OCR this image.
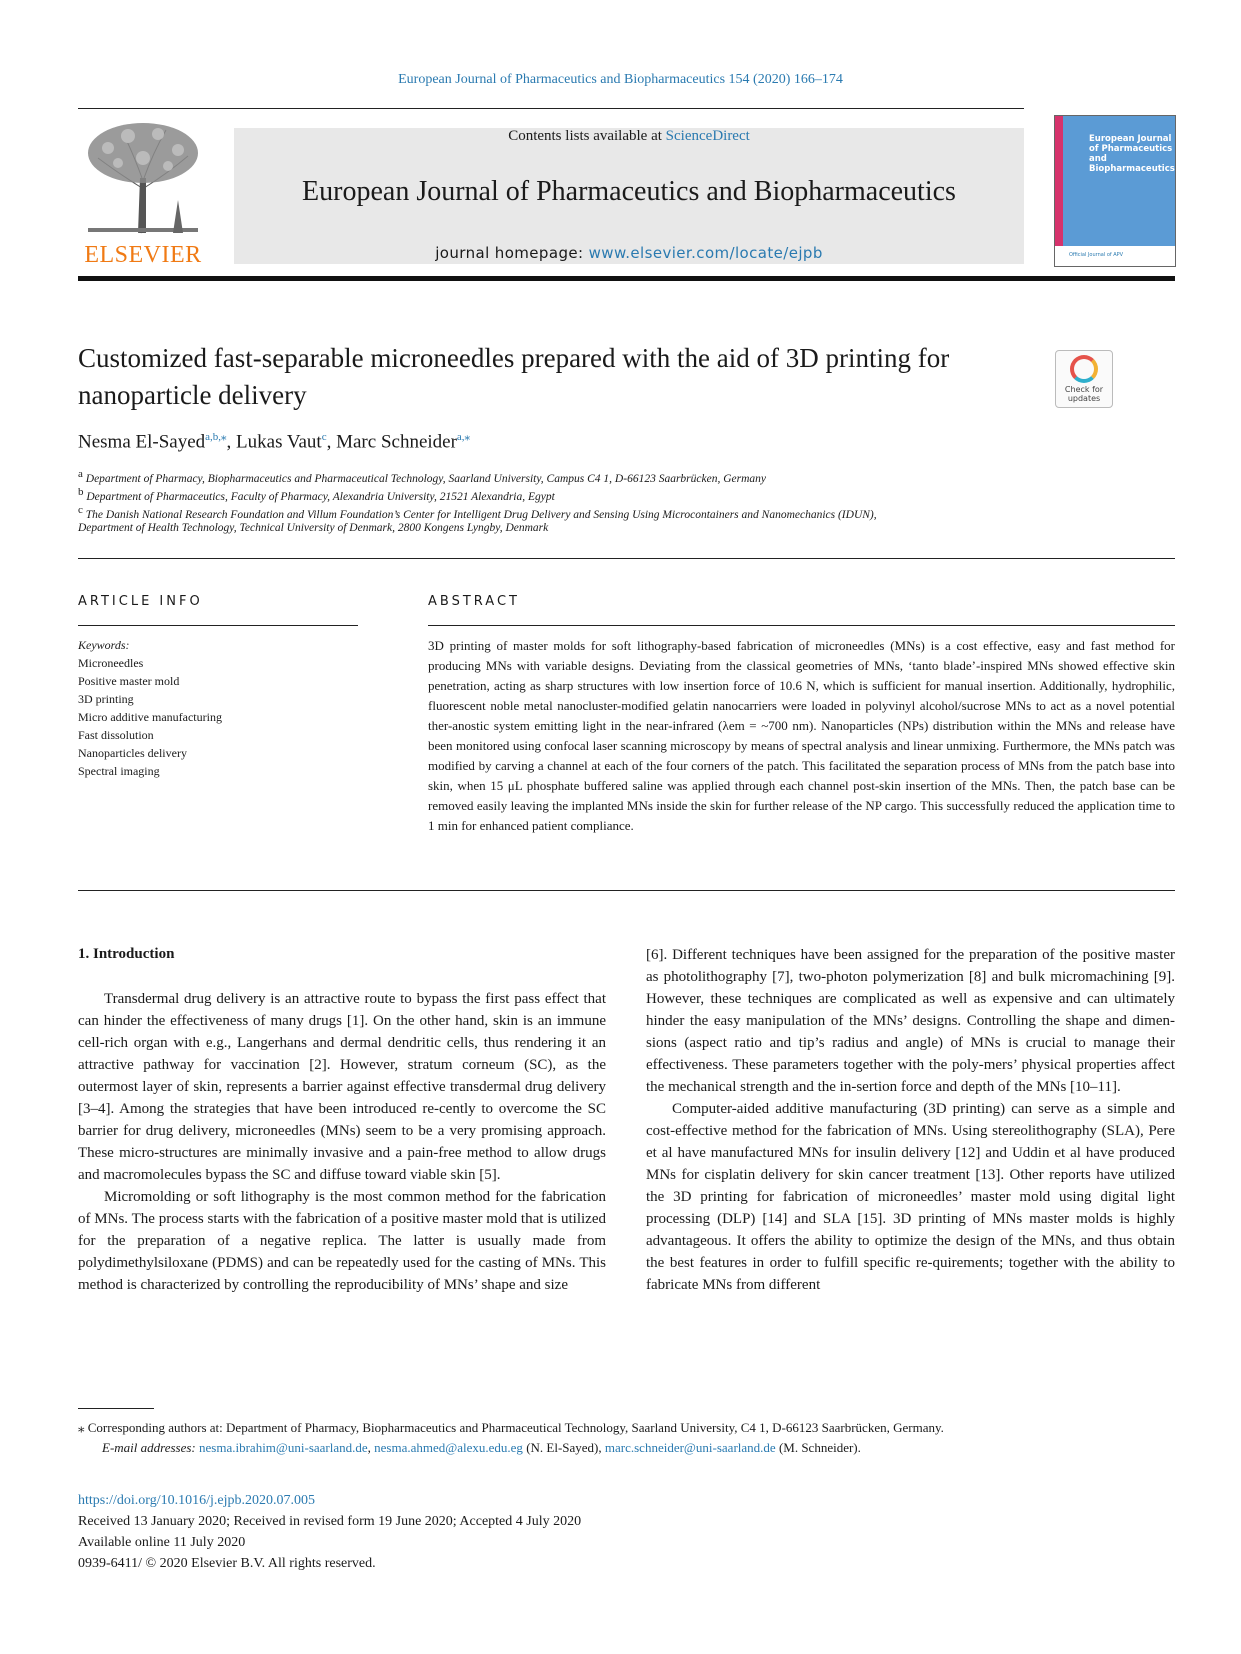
European Journal of Pharmaceutics and Biopharmaceutics 154 (2020) 166–174
ELSEVIER
Contents lists available at ScienceDirect
European Journal of Pharmaceutics and Biopharmaceutics
journal homepage: www.elsevier.com/locate/ejpb
European Journal of Pharmaceutics and Biopharmaceutics
Official Journal of APV
Customized fast-separable microneedles prepared with the aid of 3D printing for nanoparticle delivery	Check for updates
Nesma El-Sayed$^{a,b,⁎}$, Lukas Vaut$^c$, Marc Schneider$^{a,⁎}$
$^a$ Department of Pharmacy, Biopharmaceutics and Pharmaceutical Technology, Saarland University, Campus C4 1, D-66123 Saarbrücken, Germany
$^b$ Department of Pharmaceutics, Faculty of Pharmacy, Alexandria University, 21521 Alexandria, Egypt
$^c$ The Danish National Research Foundation and Villum Foundation’s Center for Intelligent Drug Delivery and Sensing Using Microcontainers and Nanomechanics (IDUN),
Department of Health Technology, Technical University of Denmark, 2800 Kongens Lyngby, Denmark
ARTICLE INFO
Keywords:
Microneedles
Positive master mold
3D printing
Micro additive manufacturing
Fast dissolution
Nanoparticles delivery
Spectral imaging
ABSTRACT
3D printing of master molds for soft lithography-based fabrication of microneedles (MNs) is a cost effective, easy and fast method for producing MNs with variable designs. Deviating from the classical geometries of MNs, ‘tanto blade’-inspired MNs showed effective skin penetration, acting as sharp structures with low insertion force of 10.6 N, which is sufficient for manual insertion. Additionally, hydrophilic, fluorescent noble metal nanocluster-modified gelatin nanocarriers were loaded in polyvinyl alcohol/sucrose MNs to act as a novel potential ther-anostic system emitting light in the near-infrared (λem = ~700 nm). Nanoparticles (NPs) distribution within the MNs and release have been monitored using confocal laser scanning microscopy by means of spectral analysis and linear unmixing. Furthermore, the MNs patch was modified by carving a channel at each of the four corners of the patch. This facilitated the separation process of MNs from the patch base into skin, when 15 μL phosphate buffered saline was applied through each channel post-skin insertion of the MNs. Then, the patch base can be removed easily leaving the implanted MNs inside the skin for further release of the NP cargo. This successfully reduced the application time to 1 min for enhanced patient compliance.
1. Introduction

Transdermal drug delivery is an attractive route to bypass the first pass effect that can hinder the effectiveness of many drugs [1]. On the other hand, skin is an immune cell-rich organ with e.g., Langerhans and dermal dendritic cells, thus rendering it an attractive pathway for vaccination [2]. However, stratum corneum (SC), as the outermost layer of skin, represents a barrier against effective transdermal drug delivery [3–4]. Among the strategies that have been introduced re-cently to overcome the SC barrier for drug delivery, microneedles (MNs) seem to be a very promising approach. These micro-structures are minimally invasive and a pain-free method to allow drugs and macromolecules bypass the SC and diffuse toward viable skin [5].

Micromolding or soft lithography is the most common method for the fabrication of MNs. The process starts with the fabrication of a positive master mold that is utilized for the preparation of a negative replica. The latter is usually made from polydimethylsiloxane (PDMS) and can be repeatedly used for the casting of MNs. This method is characterized by controlling the reproducibility of MNs’ shape and size

[6]. Different techniques have been assigned for the preparation of the positive master as photolithography [7], two-photon polymerization [8] and bulk micromachining [9]. However, these techniques are complicated as well as expensive and can ultimately hinder the easy manipulation of the MNs’ designs. Controlling the shape and dimen-sions (aspect ratio and tip’s radius and angle) of MNs is crucial to manage their effectiveness. These parameters together with the poly-mers’ physical properties affect the mechanical strength and the in-sertion force and depth of the MNs [10–11].

Computer-aided additive manufacturing (3D printing) can serve as a simple and cost-effective method for the fabrication of MNs. Using stereolithography (SLA), Pere et al have manufactured MNs for insulin delivery [12] and Uddin et al have produced MNs for cisplatin delivery for skin cancer treatment [13]. Other reports have utilized the 3D printing for fabrication of microneedles’ master mold using digital light processing (DLP) [14] and SLA [15]. 3D printing of MNs master molds is highly advantageous. It offers the ability to optimize the design of the MNs, and thus obtain the best features in order to fulfill specific re-quirements; together with the ability to fabricate MNs from different

⁎ Corresponding authors at: Department of Pharmacy, Biopharmaceutics and Pharmaceutical Technology, Saarland University, C4 1, D-66123 Saarbrücken, Germany.
E-mail addresses: nesma.ibrahim@uni-saarland.de, nesma.ahmed@alexu.edu.eg (N. El-Sayed), marc.schneider@uni-saarland.de (M. Schneider).
https://doi.org/10.1016/j.ejpb.2020.07.005
Received 13 January 2020; Received in revised form 19 June 2020; Accepted 4 July 2020
Available online 11 July 2020
0939-6411/ © 2020 Elsevier B.V. All rights reserved.
